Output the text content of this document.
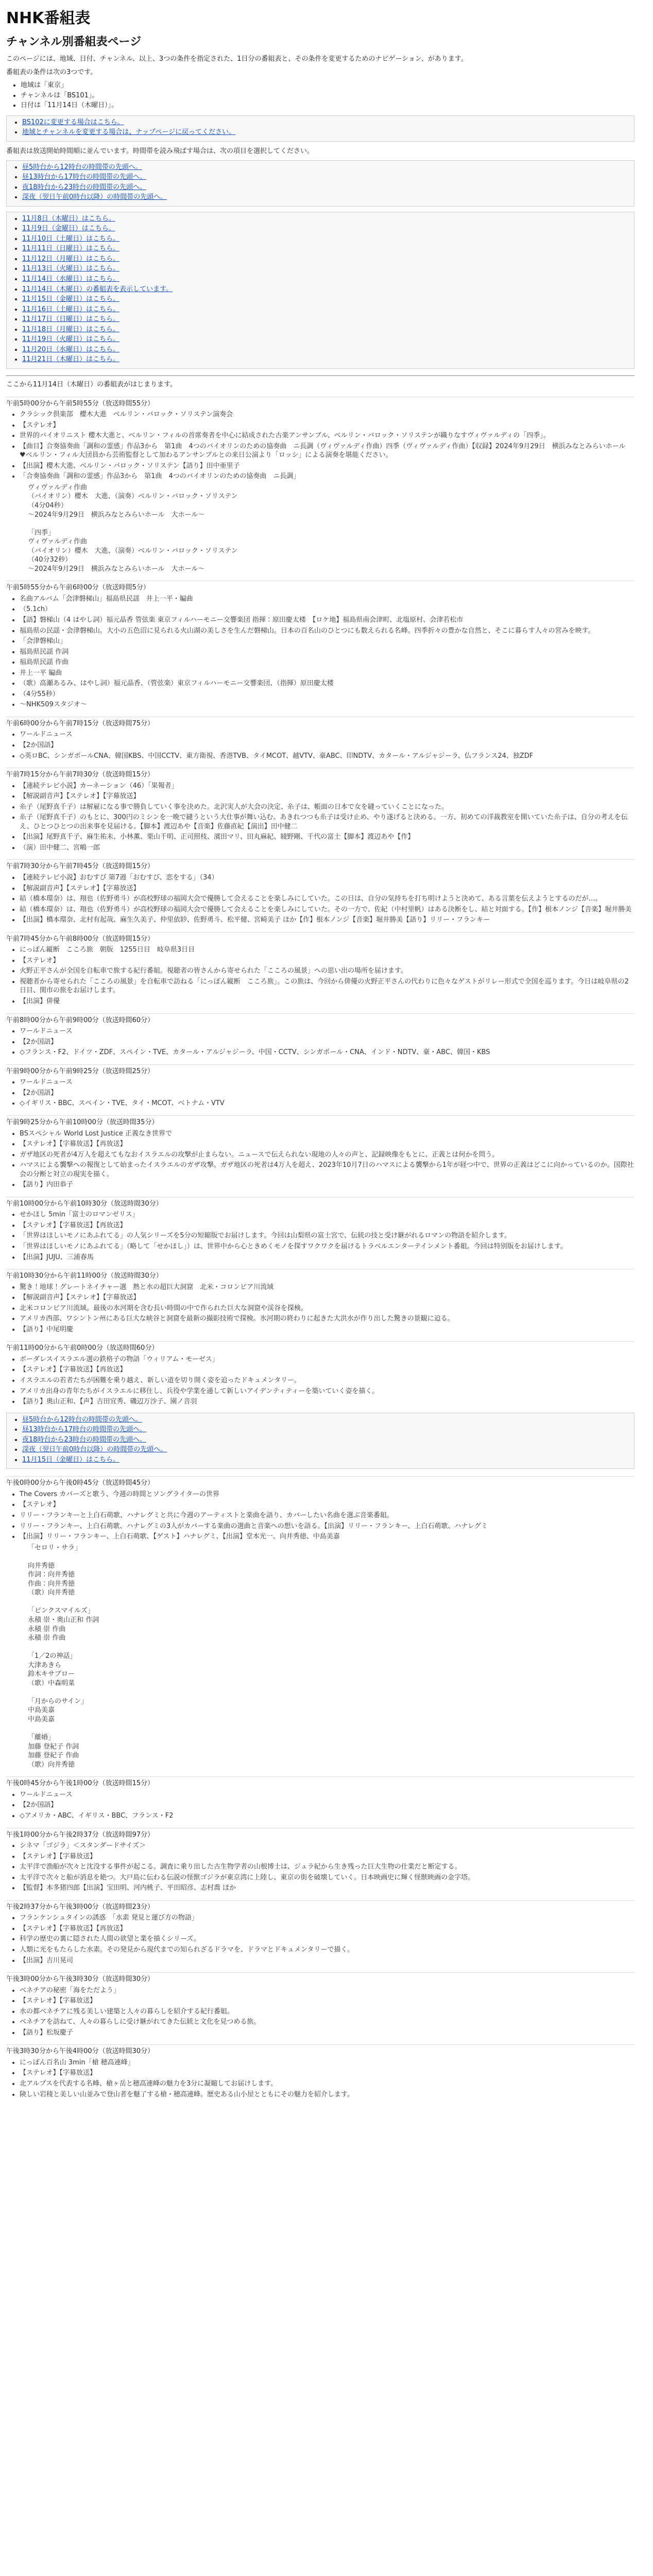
NHK番組表
チャンネル別番組表ページ

このページには、地域、日付、チャンネル、以上、3つの条件を指定された、1日分の番組表と、その条件を変更するためのナビゲーション、があります。

番組表の条件は次の3つです。

• 地域は「東京」
• チャンネルは「BS101」。
• 日付は「11月14日（木曜日）」。
• BS102に変更する場合はこちら。
• 地域とチャンネルを変更する場合は、ナップページに戻ってください。

番組表は放送開始時間順に並んでいます。時間帯を読み飛ばす場合は、次の項目を選択してください。

• 昼5時台から12時台の時間帯の先頭へ。
• 昼13時台から17時台の時間帯の先頭へ。
• 夜18時台から23時台の時間帯の先頭へ。
• 深夜（翌日午前0時台以降）の時間帯の先頭へ。
• 11月8日（木曜日）はこちら。
• 11月9日（金曜日）はこちら。
• 11月10日（土曜日）はこちら。
• 11月11日（日曜日）はこちら。
• 11月12日（月曜日）はこちら。
• 11月13日（火曜日）はこちら。
• 11月14日（水曜日）はこちら。
• 11月14日（木曜日）の番組表を表示しています。
• 11月15日（金曜日）はこちら。
• 11月16日（土曜日）はこちら。
• 11月17日（日曜日）はこちら。
• 11月18日（月曜日）はこちら。
• 11月19日（火曜日）はこちら。
• 11月20日（水曜日）はこちら。
• 11月21日（木曜日）はこちら。

ここから11月14日（木曜日）の番組表がはじまります。

午前5時00分から午前5時55分（放送時間55分）
• クラシック倶楽部　櫻木大進　ベルリン・バロック・ソリステン演奏会
• 【ステレオ】
• 世界的バイオリニスト 櫻木大進と、ベルリン・フィルの首席奏者を中心に結成された古楽アンサンブル、ベルリン・バロック・ソリステンが織りなすヴィヴァルディの「四季」。
• 【曲目】合奏協奏曲「調和の霊感」作品3から　第1曲　4つのバイオリンのための協奏曲　ニ長調（ヴィヴァルディ作曲）四季（ヴィヴァルディ作曲）【収録】2024年9月29日　横浜みなとみらいホール　♥ベルリン・フィル大団員から芸術監督として加わるアンサンブルとの来日公演より「ロッシ」による演奏を堪能ください。
• 【出演】櫻木大進、ベルリン・バロック・ソリステン【語り】田中亜里子
• 「合奏協奏曲「調和の霊感」作品3から　第1曲　4つのバイオリンのための協奏曲　ニ長調」
ヴィヴァルディ作曲
（バイオリン）櫻木　大進、（演奏）ベルリン・バロック・ソリステン
（4分04秒）
～2024年9月29日　横浜みなとみらいホール　大ホール～

「四季」
ヴィヴァルディ作曲
（バイオリン）櫻木　大進、（演奏）ベルリン・バロック・ソリステン
（40分32秒）
～2024年9月29日　横浜みなとみらいホール　大ホール～
午前5時55分から午前6時00分（放送時間5分）
• 名曲アルバム「会津磐梯山」福島県民謡　井上一平・編曲
• （5.1ch）
• 【語】磐梯山（4 はやし詞）福元晶香 管弦楽 東京フィルハーモニー交響楽団 指揮：原田慶太楼　【ロケ地】福島県南会津町、北塩原村、会津若松市
• 福島県の民謡・会津磐梯山。大小の五色沼に見られる火山湖の美しさを生んだ磐梯山。日本の百名山のひとつにも数えられる名峰。四季折々の豊かな自然と、そこに暮らす人々の営みを映す。
• 「会津磐梯山」
• 福島県民謡 作詞
• 福島県民謡 作曲
• 井上一平 編曲
• （歌）高瀬あるみ、はやし詞）福元晶香、（管弦楽）東京フィルハーモニー交響楽団、（指揮）原田慶太楼
• （4分55秒）
• ～NHK509スタジオ～
午前6時00分から午前7時15分（放送時間75分）
• ワールドニュース
• 【2か国語】
• ◇英ロBC、シンガポールCNA、韓国KBS、中国CCTV、東方衛視、香港TVB、タイMCOT、越VTV、豪ABC、印NDTV、カタール・アルジャジーラ、仏フランス24、独ZDF
午前7時15分から午前7時30分（放送時間15分）
• 【連続テレビ小説】カーネーション（46）「果報者」
• 【解説副音声】【ステレオ】【字幕放送】
• 糸子（尾野真千子）は解雇になる事で勝負していく事を決めた。北沢実人が大会の決定、糸子は、帳面の日本で女を縫っていくことになった。
• 糸子（尾野真千子）のもとに、300円のミシンを一晩で縫うという大仕事が舞い込む。あきれつつも糸子は受け止め、やり遂げると決める。一方、初めての洋裁教室を開いていた糸子は、自分の考えを伝え、ひとつひとつの出来事を見届ける。【脚本】渡辺あや【音楽】佐藤直紀【演出】田中健二
• 【出演】尾野真千子、麻生祐未、小林薫、栗山千明、正司照枝、濱田マリ、田丸麻紀、綾野剛、千代の富士【脚本】渡辺あや【作】
• （演）田中健二、宮嶋一郎
午前7時30分から午前7時45分（放送時間15分）
• 【連続テレビ小説】おむすび 第7週「おむすび、恋をする」（34）
• 【解説副音声】【ステレオ】【字幕放送】
• 結（橋本環奈）は、翔也（佐野勇斗）が高校野球の福岡大会で優勝して会えることを楽しみにしていた。この日は、自分の気持ちを打ち明けようと決めて、ある言葉を伝えようとするのだが…。
• 結（橋本環奈）は、翔也（佐野勇斗）が高校野球の福岡大会で優勝して会えることを楽しみにしていた。その一方で、佐紀（中村里帆）はある決断をし、結と対面する。【作】根本ノンジ【音楽】堀井勝美
• 【出演】橋本環奈、北村有起哉、麻生久美子、仲里依紗、佐野勇斗、松平健、宮崎美子 ほか【作】根本ノンジ【音楽】堀井勝美【語り】リリー・フランキー
午前7時45分から午前8時00分（放送時間15分）
• にっぽん縦断　こころ旅　朝版　1255日目　岐阜県3日目
• 【ステレオ】
• 火野正平さんが全国を自転車で旅する紀行番組。視聴者の皆さんから寄せられた「こころの風景」への思い出の場所を届けます。
• 視聴者から寄せられた「こころの風景」を自転車で訪ねる「にっぽん縦断　こころ旅」。この旅は、今回から俳優の火野正平さんの代わりに色々なゲストがリレー形式で全国を巡ります。今日は岐阜県の2日目、関市の旅をお届けします。
• 【出演】俳優
午前8時00分から午前9時00分（放送時間60分）
• ワールドニュース
• 【2か国語】
• ◇フランス・F2、ドイツ・ZDF、スペイン・TVE、カタール・アルジャジーラ、中国・CCTV、シンガポール・CNA、インド・NDTV、豪・ABC、韓国・KBS
午前9時00分から午前9時25分（放送時間25分）
• ワールドニュース
• 【2か国語】
• ◇イギリス・BBC、スペイン・TVE、タイ・MCOT、ベトナム・VTV
午前9時25分から午前10時00分（放送時間35分）
• BSスペシャル World Lost Justice 正義なき世界で
• 【ステレオ】【字幕放送】【再放送】
• ガザ地区の死者が4万人を超えてもなおイスラエルの攻撃が止まらない。ニュースで伝えられない現地の人々の声と、記録映像をもとに、正義とは何かを問う。
• ハマスによる襲撃への報復として始まったイスラエルのガザ攻撃。ガザ地区の死者は4万人を超え、2023年10月7日のハマスによる襲撃から1年が経つ中で、世界の正義はどこに向かっているのか。国際社会の分断と対立の現実を描く。
• 【語り】内田恭子
午前10時00分から午前10時30分（放送時間30分）
• せかほし 5min「富士のロマンゼリス」
• 【ステレオ】【字幕放送】【再放送】
• 「世界はほしいモノにあふれてる」の人気シリーズを5分の短縮版でお届けします。今回は山梨県の富士宮で、伝統の技と受け継がれるロマンの物語を紹介します。
• 「世界はほしいモノにあふれてる」（略して「せかほし」）は、世界中から心ときめくモノを探すワクワクを届けるトラベルエンターテインメント番組。今回は特別版をお届けします。
• 【出演】JUJU、三浦春馬
午前10時30分から午前11時00分（放送時間30分）
• 驚き！地球！グレートネイチャー選　熱と水の超巨大洞窟　北米・コロンビア川流域
• 【解説副音声】【ステレオ】【字幕放送】
• 北米コロンビア川流域。最後の氷河期を含む長い時間の中で作られた巨大な洞窟や渓谷を探検。
• アメリカ西部、ワシントン州にある巨大な峡谷と洞窟を最新の撮影技術で探検。氷河期の終わりに起きた大洪水が作り出した驚きの景観に迫る。
• 【語り】中尾明慶
午前11時00分から午前0時00分（放送時間60分）
• ボーダレスイスラエル選の鉄格子の物語「ウィリアム・モーゼス」
• 【ステレオ】【字幕放送】【再放送】
• イスラエルの若者たちが困難を乗り越え、新しい道を切り開く姿を追ったドキュメンタリー。
• アメリカ出身の青年たちがイスラエルに移住し、兵役や学業を通して新しいアイデンティティーを築いていく姿を描く。
• 【語り】奥山正和、【声】吉田宜秀、磯辺万沙子、園ノ音羽
• 昼5時台から12時台の時間帯の先頭へ。
• 昼13時台から17時台の時間帯の先頭へ。
• 夜18時台から23時台の時間帯の先頭へ。
• 深夜（翌日午前0時台以降）の時間帯の先頭へ。
• 11月15日（金曜日）はこちら。
午後0時00分から午後0時45分（放送時間45分）
• The Covers カバーズと歌う、今週の時間とソングライターの世界
• 【ステレオ】
• リリー・フランキーと上白石萌歌、ハナレグミと共に今週のアーティストと楽曲を語り、カバーしたい名曲を選ぶ音楽番組。
• リリー・フランキー、上白石萌歌、ハナレグミの3人がカバーする楽曲の選曲と音楽への想いを語る。【出演】リリー・フランキー、上白石萌歌、ハナレグミ
• 【出演】リリー・フランキー、上白石萌歌、【ゲスト】ハナレグミ、【出演】堂本光一、向井秀徳、中島美嘉
「セロリ・サラ」

向井秀徳
作詞：向井秀徳
作曲：向井秀徳
（歌）向井秀徳

「ピンクスマイルズ」
永積 崇・奥山正和 作詞
永積 崇 作曲
永積 崇 作曲

「1／2の神話」
大津あきら
鈴木キサブロー
（歌）中森明菜

「月からのサイン」
中島美嘉
中島美嘉

「離婚」
加藤 登紀子 作詞
加藤 登紀子 作曲
（歌）向井秀徳
午後0時45分から午後1時00分（放送時間15分）
• ワールドニュース
• 【2か国語】
• ◇アメリカ・ABC、イギリス・BBC、フランス・F2
午後1時00分から午後2時37分（放送時間97分）
• シネマ「ゴジラ」＜スタンダードサイズ＞
• 【ステレオ】【字幕放送】
• 太平洋で漁船が次々と沈没する事件が起こる。調査に乗り出した古生物学者の山根博士は、ジュラ紀から生き残った巨大生物の仕業だと断定する。
• 太平洋で次々と船が消息を絶つ。大戸島に伝わる伝説の怪獣ゴジラが東京湾に上陸し、東京の街を破壊していく。日本映画史に輝く怪獣映画の金字塔。
• 【監督】本多猪四郎【出演】宝田明、河内桃子、平田昭彦、志村喬 ほか
午後2時37分から午後3時00分（放送時間23分）
• フランケンシュタインの誘惑　「水素 発見と運び方の物語」
• 【ステレオ】【字幕放送】【再放送】
• 科学の歴史の裏に隠された人間の欲望と業を描くシリーズ。
• 人類に光をもたらした水素。その発見から現代までの知られざるドラマを、ドラマとドキュメンタリーで描く。
• 【出演】吉川晃司
午後3時00分から午後3時30分（放送時間30分）
• ベネチアの秘密「海をただよう」
• 【ステレオ】【字幕放送】
• 水の都ベネチアに残る美しい建築と人々の暮らしを紹介する紀行番組。
• ベネチアを訪ねて、人々の暮らしに受け継がれてきた伝統と文化を見つめる旅。
• 【語り】松坂慶子
午後3時30分から午後4時00分（放送時間30分）
• にっぽん百名山 3min「槍 穂高連峰」
• 【ステレオ】【字幕放送】
• 北アルプスを代表する名峰、槍ヶ岳と穂高連峰の魅力を3分に凝縮してお届けします。
• 険しい岩稜と美しい山並みで登山者を魅了する槍・穂高連峰。歴史ある山小屋とともにその魅力を紹介します。
